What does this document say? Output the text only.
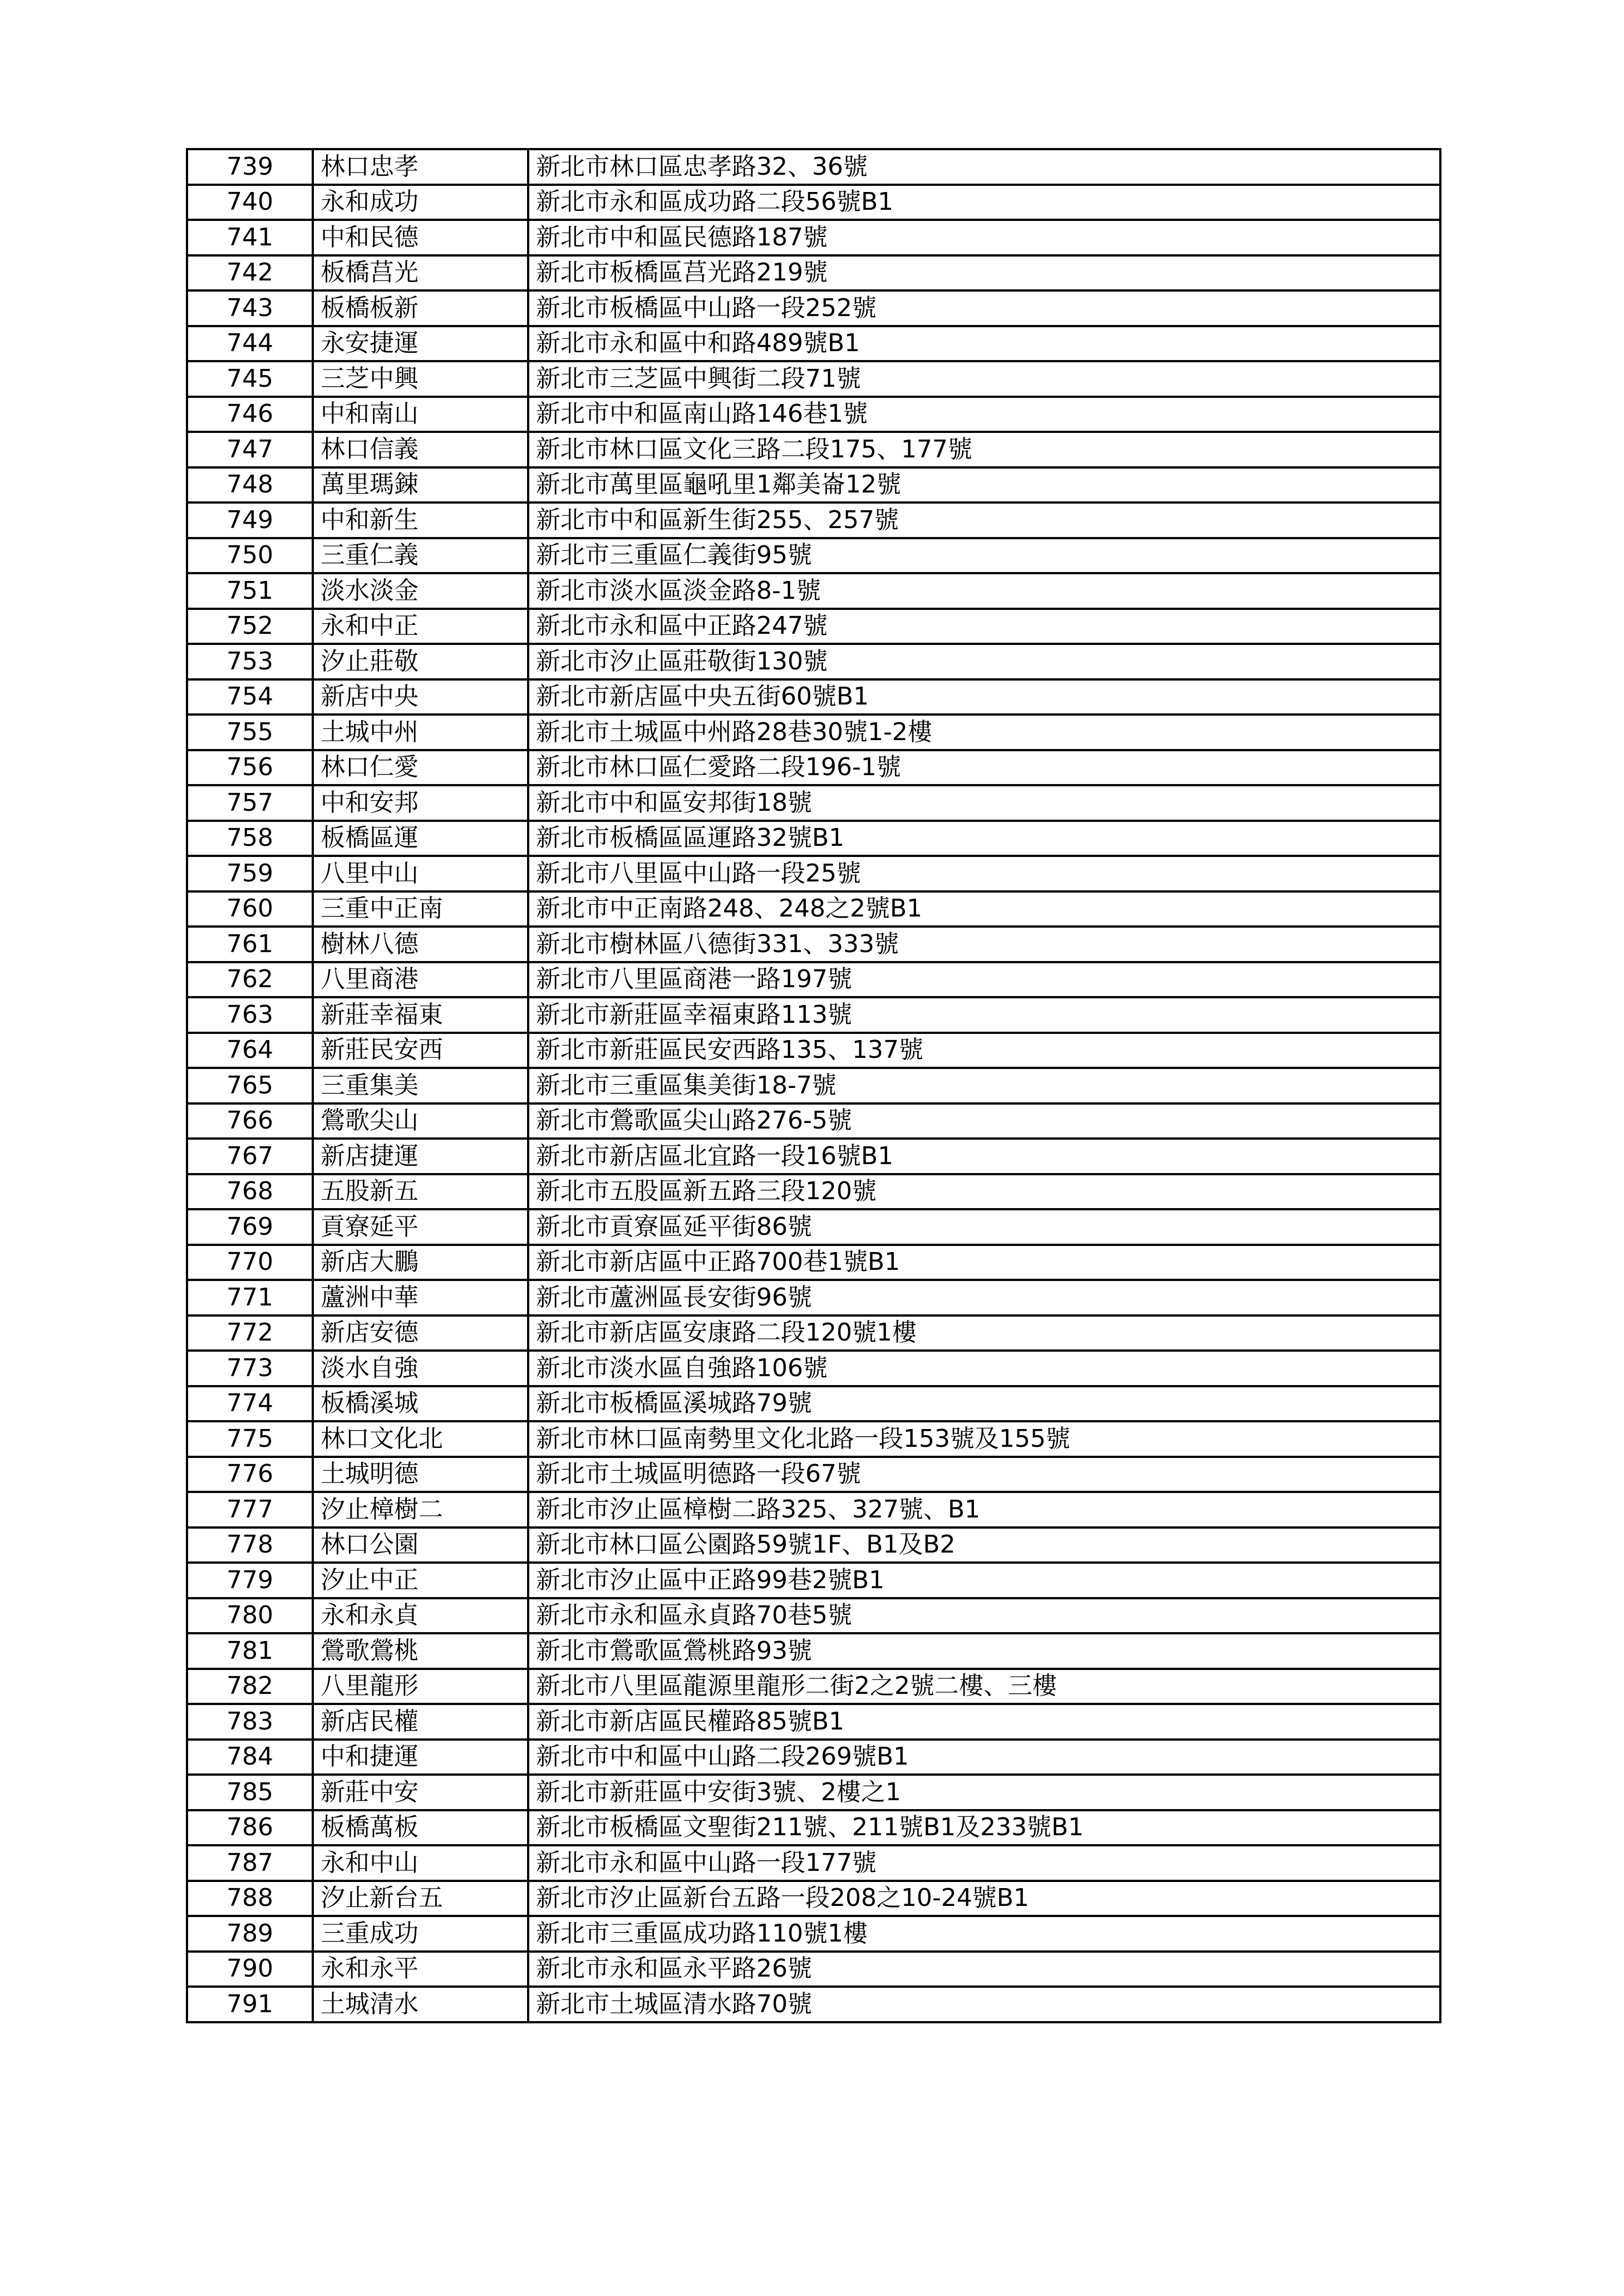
739	林口忠孝	新北市林口區忠孝路32、36號
740	永和成功	新北市永和區成功路二段56號B1
741	中和民德	新北市中和區民德路187號
742	板橋莒光	新北市板橋區莒光路219號
743	板橋板新	新北市板橋區中山路一段252號
744	永安捷運	新北市永和區中和路489號B1
745	三芝中興	新北市三芝區中興街二段71號
746	中和南山	新北市中和區南山路146巷1號
747	林口信義	新北市林口區文化三路二段175、177號
748	萬里瑪鋉	新北市萬里區龜吼里1鄰美崙12號
749	中和新生	新北市中和區新生街255、257號
750	三重仁義	新北市三重區仁義街95號
751	淡水淡金	新北市淡水區淡金路8-1號
752	永和中正	新北市永和區中正路247號
753	汐止莊敬	新北市汐止區莊敬街130號
754	新店中央	新北市新店區中央五街60號B1
755	土城中州	新北市土城區中州路28巷30號1-2樓
756	林口仁愛	新北市林口區仁愛路二段196-1號
757	中和安邦	新北市中和區安邦街18號
758	板橋區運	新北市板橋區區運路32號B1
759	八里中山	新北市八里區中山路一段25號
760	三重中正南	新北市中正南路248、248之2號B1
761	樹林八德	新北市樹林區八德街331、333號
762	八里商港	新北市八里區商港一路197號
763	新莊幸福東	新北市新莊區幸福東路113號
764	新莊民安西	新北市新莊區民安西路135、137號
765	三重集美	新北市三重區集美街18-7號
766	鶯歌尖山	新北市鶯歌區尖山路276-5號
767	新店捷運	新北市新店區北宜路一段16號B1
768	五股新五	新北市五股區新五路三段120號
769	貢寮延平	新北市貢寮區延平街86號
770	新店大鵬	新北市新店區中正路700巷1號B1
771	蘆洲中華	新北市蘆洲區長安街96號
772	新店安德	新北市新店區安康路二段120號1樓
773	淡水自強	新北市淡水區自強路106號
774	板橋溪城	新北市板橋區溪城路79號
775	林口文化北	新北市林口區南勢里文化北路一段153號及155號
776	土城明德	新北市土城區明德路一段67號
777	汐止樟樹二	新北市汐止區樟樹二路325、327號、B1
778	林口公園	新北市林口區公園路59號1F、B1及B2
779	汐止中正	新北市汐止區中正路99巷2號B1
780	永和永貞	新北市永和區永貞路70巷5號
781	鶯歌鶯桃	新北市鶯歌區鶯桃路93號
782	八里龍形	新北市八里區龍源里龍形二街2之2號二樓、三樓
783	新店民權	新北市新店區民權路85號B1
784	中和捷運	新北市中和區中山路二段269號B1
785	新莊中安	新北市新莊區中安街3號、2樓之1
786	板橋萬板	新北市板橋區文聖街211號、211號B1及233號B1
787	永和中山	新北市永和區中山路一段177號
788	汐止新台五	新北市汐止區新台五路一段208之10-24號B1
789	三重成功	新北市三重區成功路110號1樓
790	永和永平	新北市永和區永平路26號
791	土城清水	新北市土城區清水路70號
